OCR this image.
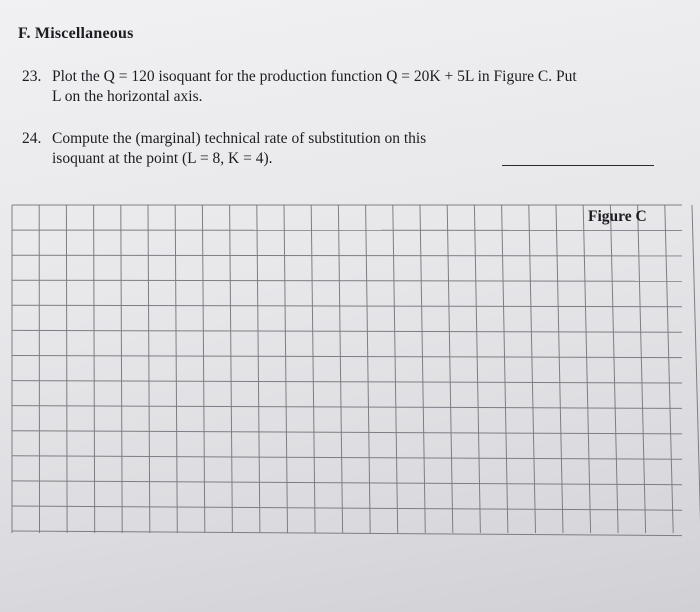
F. Miscellaneous
23. Plot the Q = 120 isoquant for the production function Q = 20K + 5L in Figure C. Put
L on the horizontal axis.
24. Compute the (marginal) technical rate of substitution on this
isoquant at the point (L = 8, K = 4).
Figure C
